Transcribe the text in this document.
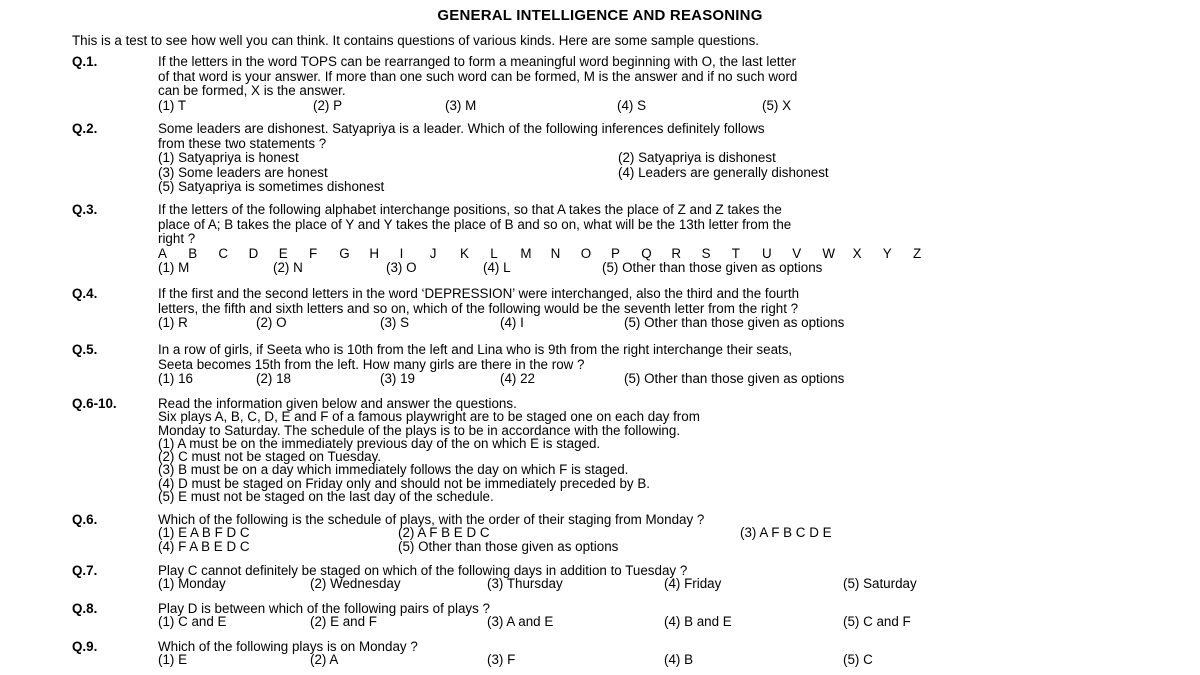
GENERAL INTELLIGENCE AND REASONING
This is a test to see how well you can think. It contains questions of various kinds. Here are some sample questions.
Q.1.	If the letters in the word TOPS can be rearranged to form a meaningful word beginning with O, the last letter
of that word is your answer. If more than one such word can be formed, M is the answer and if no such word
can be formed, X is the answer.
(1) T	(2) P	(3) M	(4) S	(5) X
Q.2.	Some leaders are dishonest. Satyapriya is a leader. Which of the following inferences definitely follows
from these two statements ?
(1) Satyapriya is honest	(2) Satyapriya is dishonest
(3) Some leaders are honest	(4) Leaders are generally dishonest
(5) Satyapriya is sometimes dishonest
Q.3.	If the letters of the following alphabet interchange positions, so that A takes the place of Z and Z takes the
place of A; B takes the place of Y and Y takes the place of B and so on, what will be the 13th letter from the
right ?
A B C D E F G H I J K L M N O P Q R S T U V W X Y Z
(1) M	(2) N	(3) O	(4) L	(5) Other than those given as options
Q.4.	If the first and the second letters in the word ‘DEPRESSION’ were interchanged, also the third and the fourth
letters, the fifth and sixth letters and so on, which of the following would be the seventh letter from the right ?
(1) R	(2) O	(3) S	(4) I	(5) Other than those given as options
Q.5.	In a row of girls, if Seeta who is 10th from the left and Lina who is 9th from the right interchange their seats,
Seeta becomes 15th from the left. How many girls are there in the row ?
(1) 16	(2) 18	(3) 19	(4) 22	(5) Other than those given as options
Q.6-10.	Read the information given below and answer the questions.
Six plays A, B, C, D, E and F of a famous playwright are to be staged one on each day from
Monday to Saturday. The schedule of the plays is to be in accordance with the following.
(1) A must be on the immediately previous day of the on which E is staged.
(2) C must not be staged on Tuesday.
(3) B must be on a day which immediately follows the day on which F is staged.
(4) D must be staged on Friday only and should not be immediately preceded by B.
(5) E must not be staged on the last day of the schedule.
Q.6.	Which of the following is the schedule of plays, with the order of their staging from Monday ?
(1) E A B F D C	(2) A F B E D C	(3) A F B C D E
(4) F A B E D C	(5) Other than those given as options
Q.7.	Play C cannot definitely be staged on which of the following days in addition to Tuesday ?
(1) Monday	(2) Wednesday	(3) Thursday	(4) Friday	(5) Saturday
Q.8.	Play D is between which of the following pairs of plays ?
(1) C and E	(2) E and F	(3) A and E	(4) B and E	(5) C and F
Q.9.	Which of the following plays is on Monday ?
(1) E	(2) A	(3) F	(4) B	(5) C
